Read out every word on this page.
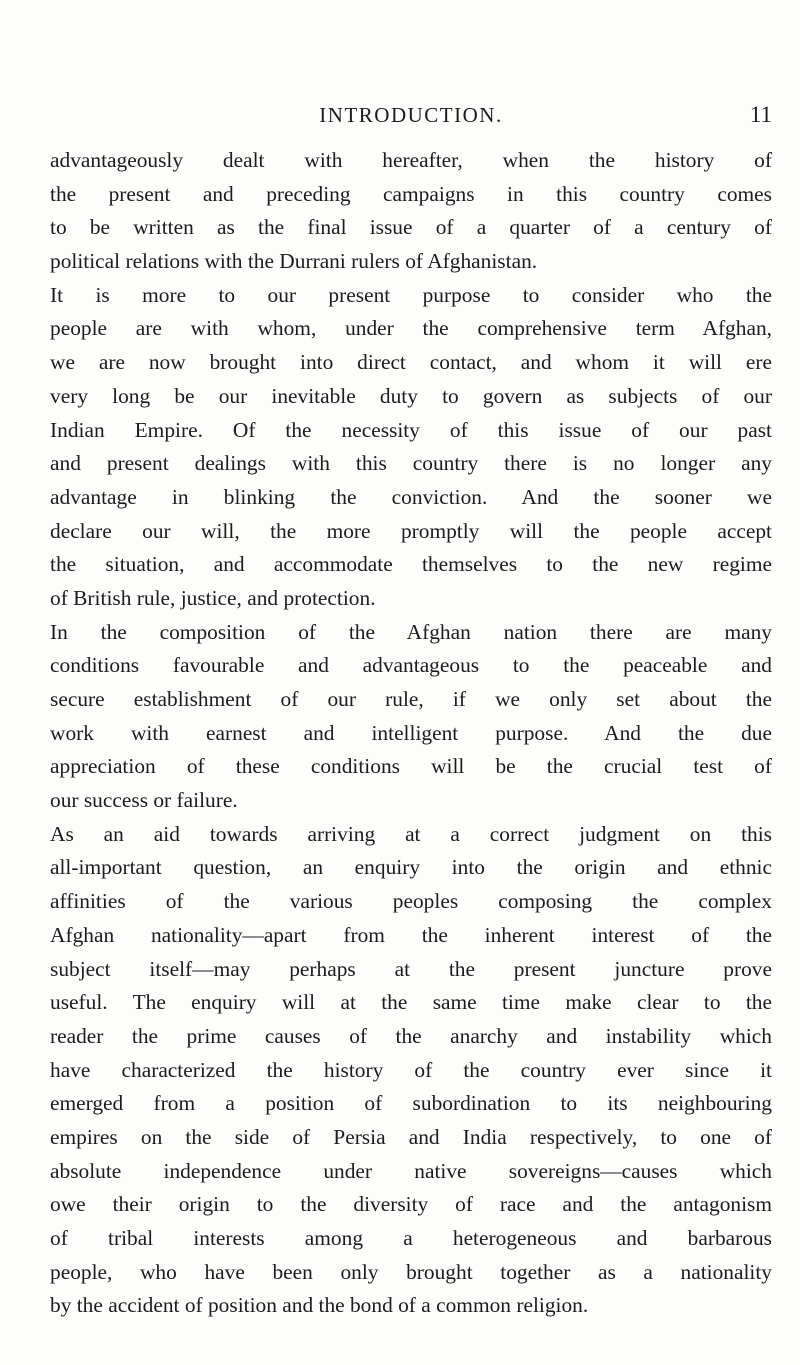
INTRODUCTION.	11
advantageously dealt with hereafter, when the history of
the present and preceding campaigns in this country comes
to be written as the final issue of a quarter of a century of
political relations with the Durrani rulers of Afghanistan.
It is more to our present purpose to consider who the
people are with whom, under the comprehensive term Afghan,
we are now brought into direct contact, and whom it will ere
very long be our inevitable duty to govern as subjects of our
Indian Empire. Of the necessity of this issue of our past
and present dealings with this country there is no longer any
advantage in blinking the conviction. And the sooner we
declare our will, the more promptly will the people accept
the situation, and accommodate themselves to the new regime
of British rule, justice, and protection.
In the composition of the Afghan nation there are many
conditions favourable and advantageous to the peaceable and
secure establishment of our rule, if we only set about the
work with earnest and intelligent purpose. And the due
appreciation of these conditions will be the crucial test of
our success or failure.
As an aid towards arriving at a correct judgment on this
all-important question, an enquiry into the origin and ethnic
affinities of the various peoples composing the complex
Afghan nationality—apart from the inherent interest of the
subject itself—may perhaps at the present juncture prove
useful. The enquiry will at the same time make clear to the
reader the prime causes of the anarchy and instability which
have characterized the history of the country ever since it
emerged from a position of subordination to its neighbouring
empires on the side of Persia and India respectively, to one of
absolute independence under native sovereigns—causes which
owe their origin to the diversity of race and the antagonism
of tribal interests among a heterogeneous and barbarous
people, who have been only brought together as a nationality
by the accident of position and the bond of a common religion.
